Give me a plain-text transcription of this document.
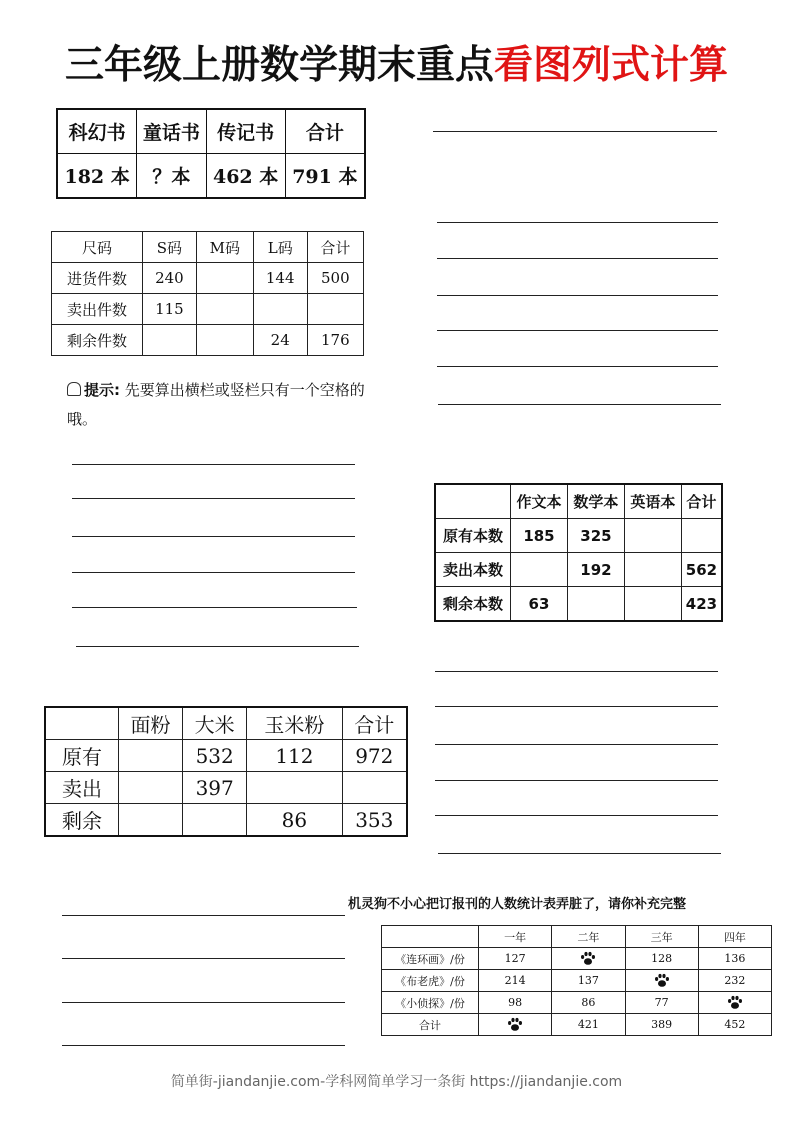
三年级上册数学期末重点看图列式计算
科幻书	童话书	传记书	合计
182 本	？本	462 本	791 本
尺码	S码	M码	L码	合计
进货件数	240		144	500
卖出件数	115			
剩余件数			24	176
提示: 先要算出横栏或竖栏只有一个空格的哦。
	作文本	数学本	英语本	合计
原有本数	185	325		
卖出本数		192		562
剩余本数	63			423
	面粉	大米	玉米粉	合计
原有		532	112	972
卖出		397		
剩余			86	353
机灵狗不小心把订报刊的人数统计表弄脏了，请你补充完整
	一年	二年	三年	四年
《连环画》/份	127		128	136
《布老虎》/份	214	137		232
《小侦探》/份	98	86	77	
合计		421	389	452
简单街-jiandanjie.com-学科网简单学习一条街 https://jiandanjie.com
